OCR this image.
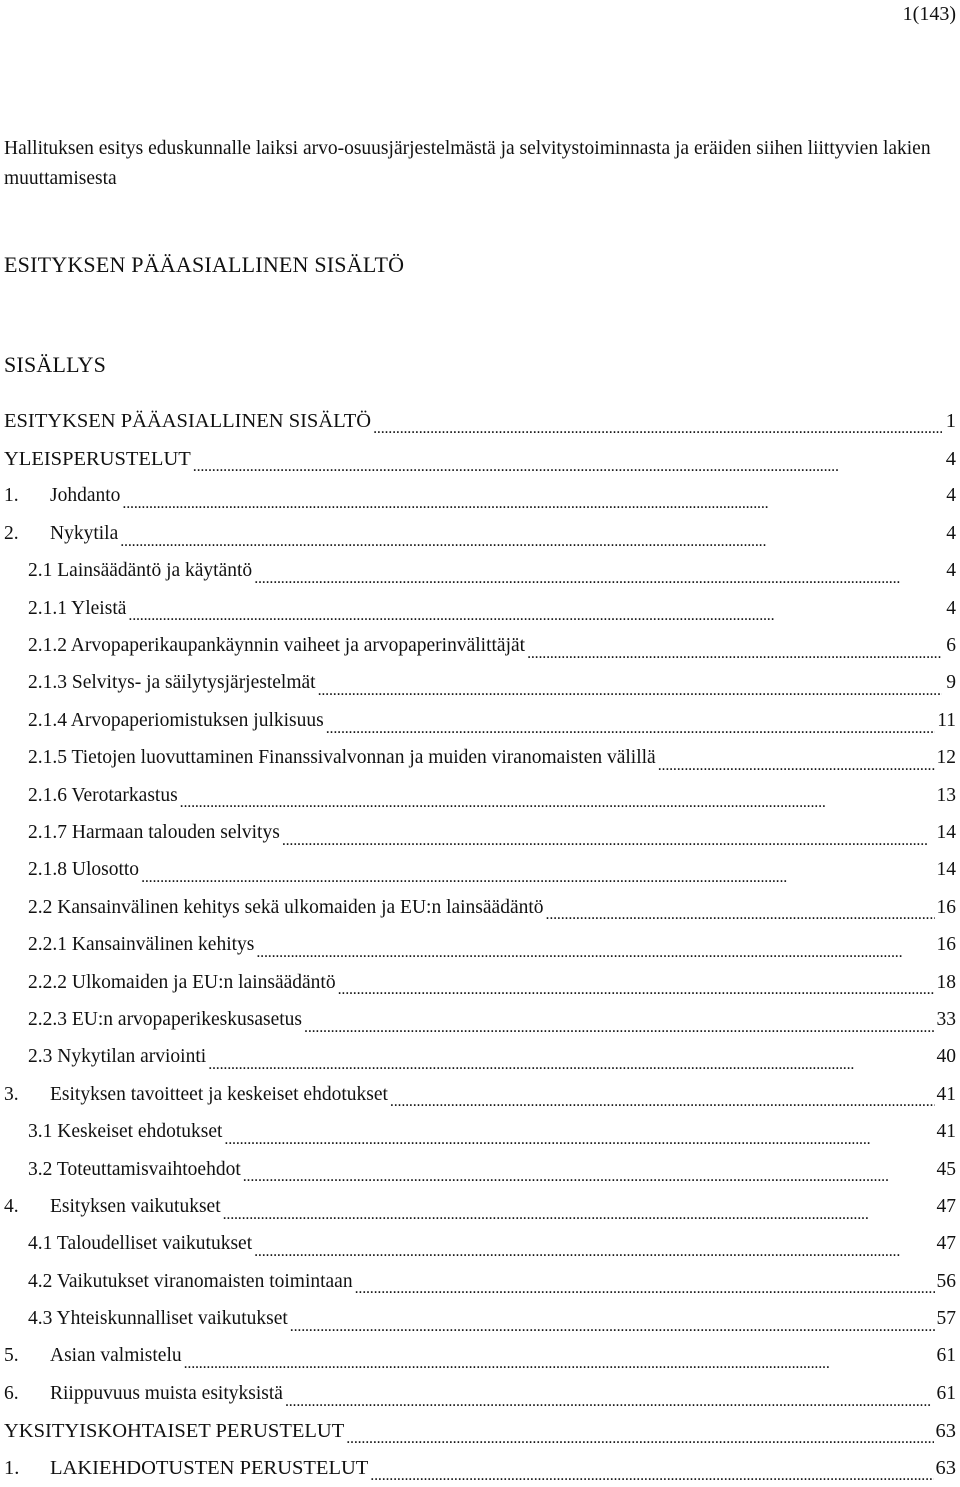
1(143)
Hallituksen esitys eduskunnalle laiksi arvo-osuusjärjestelmästä ja selvitystoiminnasta ja eräiden siihen liittyvien lakien muuttamisesta
ESITYKSEN PÄÄASIALLINEN SISÄLTÖ
SISÄLLYS
ESITYKSEN PÄÄASIALLINEN SISÄLTÖ . . .	1
YLEISPERUSTELUT . . .	4
1.	Johdanto . . .	4
2.	Nykytila . . .	4
2.1 Lainsäädäntö ja käytäntö . . .	4
2.1.1 Yleistä . . .	4
2.1.2 Arvopaperikaupankäynnin vaiheet ja arvopaperinvälittäjät . . .	6
2.1.3 Selvitys- ja säilytysjärjestelmät . . .	9
2.1.4 Arvopaperiomistuksen julkisuus . . .	11
2.1.5 Tietojen luovuttaminen Finanssivalvonnan ja muiden viranomaisten välillä . . .	12
2.1.6 Verotarkastus . . .	13
2.1.7 Harmaan talouden selvitys . . .	14
2.1.8 Ulosotto . . .	14
2.2 Kansainvälinen kehitys sekä ulkomaiden ja EU:n lainsäädäntö . . .	16
2.2.1 Kansainvälinen kehitys . . .	16
2.2.2 Ulkomaiden ja EU:n lainsäädäntö . . .	18
2.2.3 EU:n arvopaperikeskusasetus . . .	33
2.3 Nykytilan arviointi . . .	40
3.	Esityksen tavoitteet ja keskeiset ehdotukset . . .	41
3.1 Keskeiset ehdotukset . . .	41
3.2 Toteuttamisvaihtoehdot . . .	45
4.	Esityksen vaikutukset . . .	47
4.1 Taloudelliset vaikutukset . . .	47
4.2 Vaikutukset viranomaisten toimintaan . . .	56
4.3 Yhteiskunnalliset vaikutukset . . .	57
5.	Asian valmistelu . . .	61
6.	Riippuvuus muista esityksistä . . .	61
YKSITYISKOHTAISET PERUSTELUT . . .	63
1.	LAKIEHDOTUSTEN PERUSTELUT . . .	63
